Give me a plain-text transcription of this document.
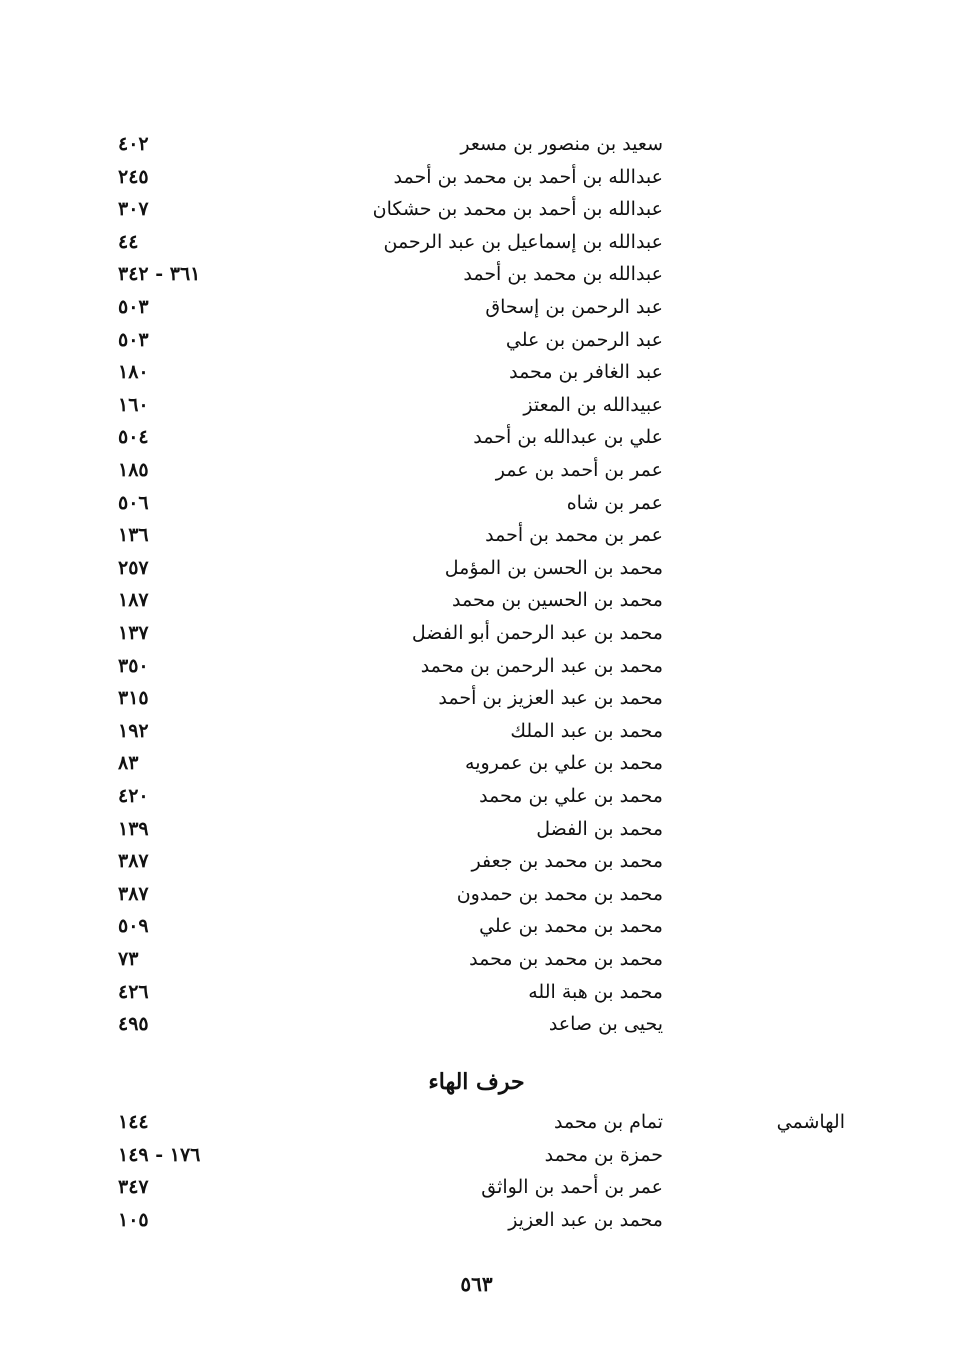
سعيد بن منصور بن مسعر
٤٠٢
عبدالله بن أحمد بن محمد بن أحمد
٢٤٥
عبدالله بن أحمد بن محمد بن حشكان
٣٠٧
عبدالله بن إسماعيل بن عبد الرحمن
٤٤
عبدالله بن محمد بن أحمد
٣٦١ - ٣٤٢
عبد الرحمن بن إسحاق
٥٠٣
عبد الرحمن بن علي
٥٠٣
عبد الغافر بن محمد
١٨٠
عبيدالله بن المعتز
١٦٠
علي بن عبدالله بن أحمد
٥٠٤
عمر بن أحمد بن عمر
١٨٥
عمر بن شاه
٥٠٦
عمر بن محمد بن أحمد
١٣٦
محمد بن الحسن بن المؤمل
٢٥٧
محمد بن الحسين بن محمد
١٨٧
محمد بن عبد الرحمن أبو الفضل
١٣٧
محمد بن عبد الرحمن بن محمد
٣٥٠
محمد بن عبد العزيز بن أحمد
٣١٥
محمد بن عبد الملك
١٩٢
محمد بن علي بن عمرويه
٨٣
محمد بن علي بن محمد
٤٢٠
محمد بن الفضل
١٣٩
محمد بن محمد بن جعفر
٣٨٧
محمد بن محمد بن حمدون
٣٨٧
محمد بن محمد بن علي
٥٠٩
محمد بن محمد بن محمد
٧٣
محمد بن هبة الله
٤٢٦
يحيى بن صاعد
٤٩٥
حرف الهاء
الهاشمي
تمام بن محمد
١٤٤
حمزة بن محمد
١٧٦ - ١٤٩
عمر بن أحمد بن الواثق
٣٤٧
محمد بن عبد العزيز
١٠٥
٥٦٣
